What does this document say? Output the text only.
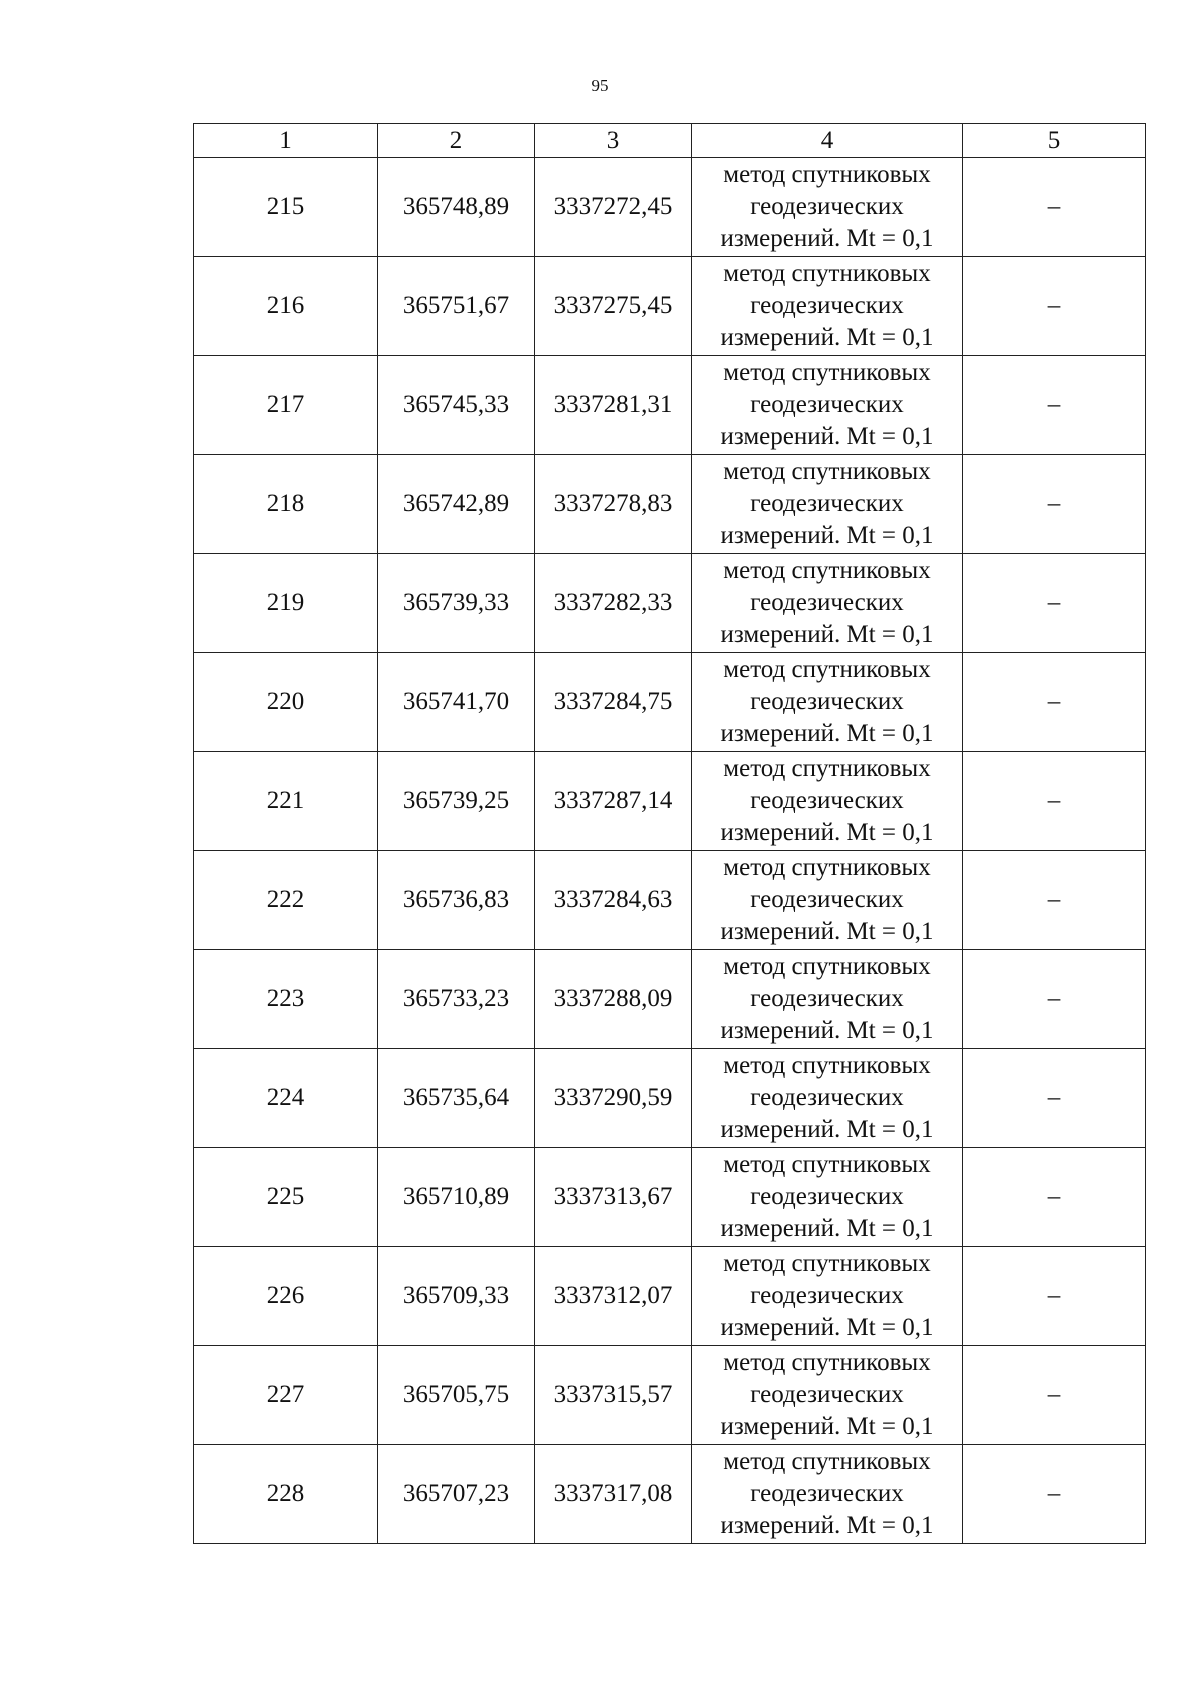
95
1	2	3	4	5
215	365748,89	3337272,45	метод спутниковых
геодезических
измерений. Mt = 0,1	–
216	365751,67	3337275,45	метод спутниковых
геодезических
измерений. Mt = 0,1	–
217	365745,33	3337281,31	метод спутниковых
геодезических
измерений. Mt = 0,1	–
218	365742,89	3337278,83	метод спутниковых
геодезических
измерений. Mt = 0,1	–
219	365739,33	3337282,33	метод спутниковых
геодезических
измерений. Mt = 0,1	–
220	365741,70	3337284,75	метод спутниковых
геодезических
измерений. Mt = 0,1	–
221	365739,25	3337287,14	метод спутниковых
геодезических
измерений. Mt = 0,1	–
222	365736,83	3337284,63	метод спутниковых
геодезических
измерений. Mt = 0,1	–
223	365733,23	3337288,09	метод спутниковых
геодезических
измерений. Mt = 0,1	–
224	365735,64	3337290,59	метод спутниковых
геодезических
измерений. Mt = 0,1	–
225	365710,89	3337313,67	метод спутниковых
геодезических
измерений. Mt = 0,1	–
226	365709,33	3337312,07	метод спутниковых
геодезических
измерений. Mt = 0,1	–
227	365705,75	3337315,57	метод спутниковых
геодезических
измерений. Mt = 0,1	–
228	365707,23	3337317,08	метод спутниковых
геодезических
измерений. Mt = 0,1	–
